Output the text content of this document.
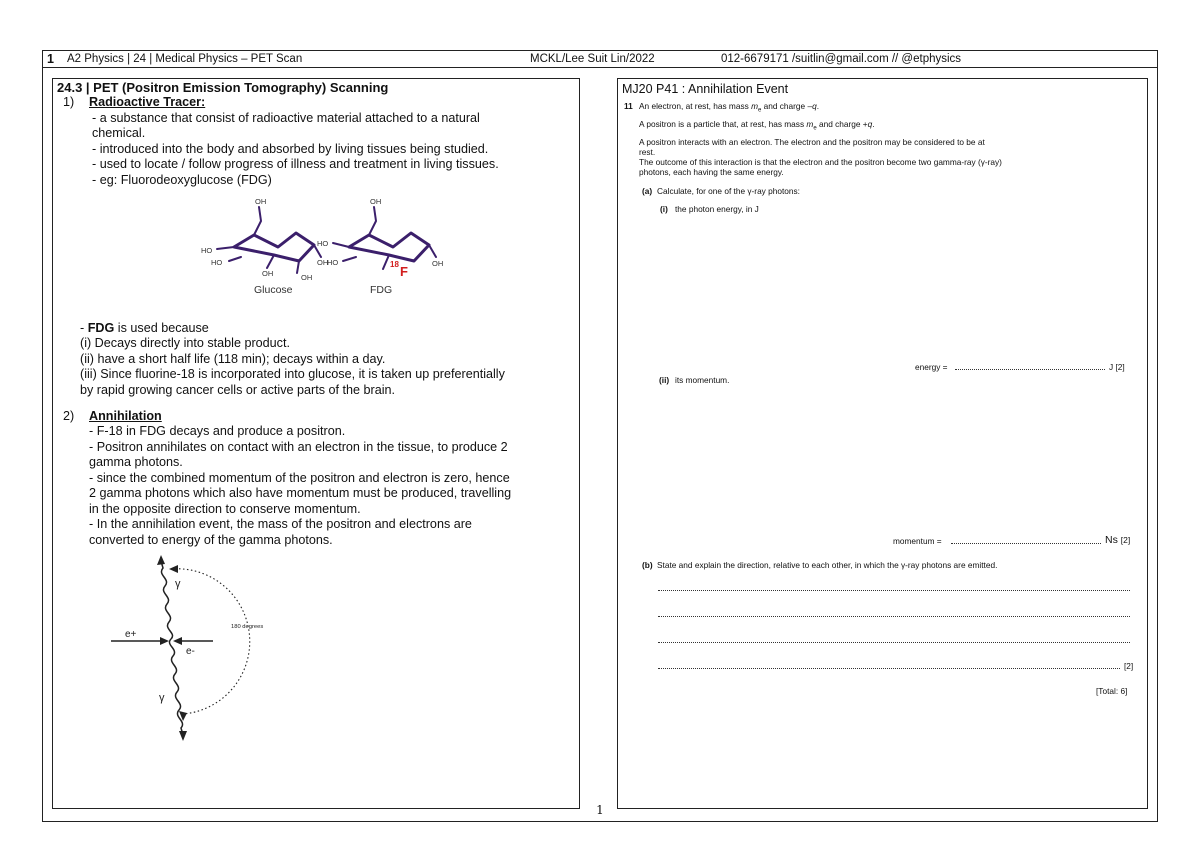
1 A2 Physics | 24 | Medical Physics – PET Scan	MCKL/Lee Suit Lin/2022	012-6679171 /suitlin@gmail.com // @etphysics
24.3 | PET (Positron Emission Tomography) Scanning
1) Radioactive Tracer:
- a substance that consist of radioactive material attached to a natural
chemical.
- introduced into the body and absorbed by living tissues being studied.
- used to locate / follow progress of illness and treatment in living tissues.
- eg: Fluorodeoxyglucose (FDG)
OH
HO
HO
OH	OH
OH
OH
HO
HO	OH
18 F
Glucose	FDG
- FDG is used because
(i) Decays directly into stable product.
(ii) have a short half life (118 min); decays within a day.
(iii) Since fluorine-18 is incorporated into glucose, it is taken up preferentially
by rapid growing cancer cells or active parts of the brain.
2) Annihilation
- F-18 in FDG decays and produce a positron.
- Positron annihilates on contact with an electron in the tissue, to produce 2
gamma photons.
- since the combined momentum of the positron and electron is zero, hence
2 gamma photons which also have momentum must be produced, travelling
in the opposite direction to conserve momentum.
- In the annihilation event, the mass of the positron and electrons are
converted to energy of the gamma photons.
γ
γ
e+
e-
180 degrees
MJ20 P41 : Annihilation Event
11 An electron, at rest, has mass $m_e$ and charge –q.
A positron is a particle that, at rest, has mass $m_e$ and charge +q.
A positron interacts with an electron. The electron and the positron may be considered to be at
rest.
The outcome of this interaction is that the electron and the positron become two gamma-ray (γ-ray)
photons, each having the same energy.
(a) Calculate, for one of the γ-ray photons:
(i) the photon energy, in J
energy =	J [2]
(ii) its momentum.
momentum =	Ns [2]
(b) State and explain the direction, relative to each other, in which the γ-ray photons are emitted.
[2]
[Total: 6]
1
